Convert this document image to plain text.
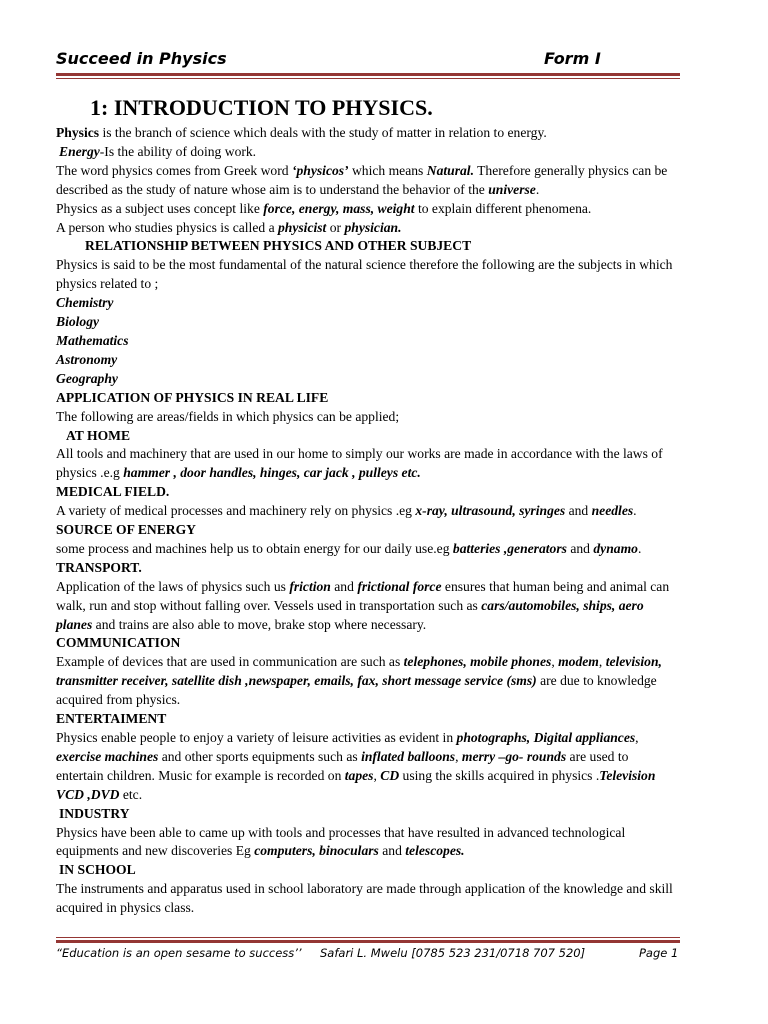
Succeed in Physics	Form I
1: INTRODUCTION TO PHYSICS.

Physics is the branch of science which deals with the study of matter in relation to energy.

Energy-Is the ability of doing work.

The word physics comes from Greek word ‘physicos’ which means Natural. Therefore generally physics can be described as the study of nature whose aim is to understand the behavior of the universe.

Physics as a subject uses concept like force, energy, mass, weight to explain different phenomena.

A person who studies physics is called a physicist or physician.

RELATIONSHIP BETWEEN PHYSICS AND OTHER SUBJECT

Physics is said to be the most fundamental of the natural science therefore the following are the subjects in which physics related to ;

Chemistry

Biology

Mathematics

Astronomy

Geography

APPLICATION OF PHYSICS IN REAL LIFE

The following are areas/fields in which physics can be applied;

AT HOME

All tools and machinery that are used in our home to simply our works are made in accordance with the laws of physics .e.g hammer , door handles, hinges, car jack , pulleys etc.

MEDICAL FIELD.

A variety of medical processes and machinery rely on physics .eg x-ray, ultrasound, syringes and needles.

SOURCE OF ENERGY

some process and machines help us to obtain energy for our daily use.eg batteries ,generators and dynamo.

TRANSPORT.

Application of the laws of physics such us friction and frictional force ensures that human being and animal can walk, run and stop without falling over. Vessels used in transportation such as cars/automobiles, ships, aero planes and trains are also able to move, brake stop where necessary.

COMMUNICATION

Example of devices that are used in communication are such as telephones, mobile phones, modem, television, transmitter receiver, satellite dish ,newspaper, emails, fax, short message service (sms) are due to knowledge acquired from physics.

ENTERTAIMENT

Physics enable people to enjoy a variety of leisure activities as evident in photographs, Digital appliances, exercise machines and other sports equipments such as inflated balloons, merry –go- rounds are used to entertain children. Music for example is recorded on tapes, CD using the skills acquired in physics .Television VCD ,DVD etc.

INDUSTRY

Physics have been able to came up with tools and processes that have resulted in advanced technological equipments and new discoveries Eg computers, binoculars and telescopes.

IN SCHOOL

The instruments and apparatus used in school laboratory are made through application of the knowledge and skill acquired in physics class.

“Education is an open sesame to success’’ Safari L. Mwelu [0785 523 231/0718 707 520]	Page 1
